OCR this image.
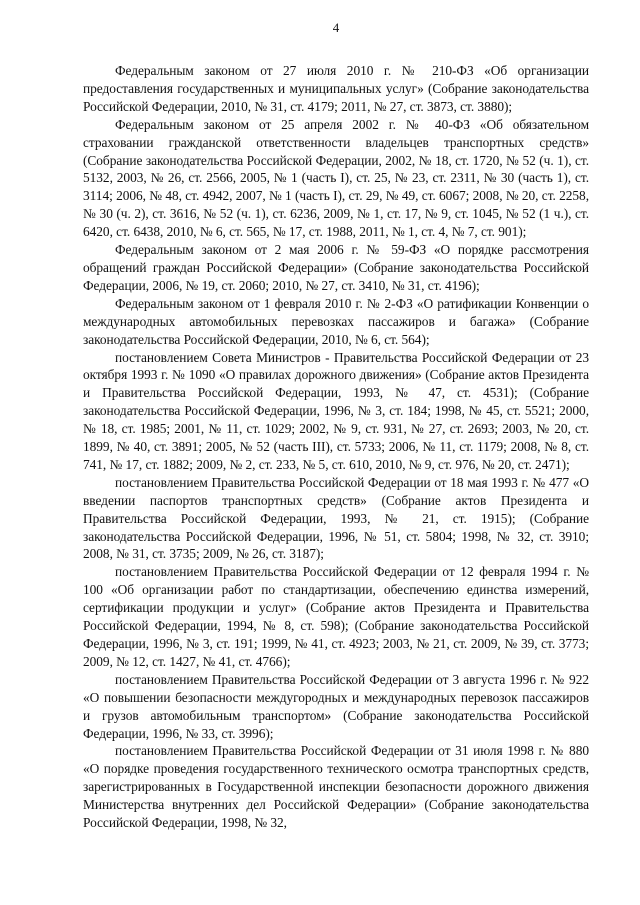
4

Федеральным законом от 27 июля 2010 г. № 210-ФЗ «Об организации предоставления государственных и муниципальных услуг» (Собрание законодательства Российской Федерации, 2010, № 31, ст. 4179; 2011, № 27, ст. 3873, ст. 3880);

Федеральным законом от 25 апреля 2002 г. № 40-ФЗ «Об обязательном страховании гражданской ответственности владельцев транспортных средств» (Собрание законодательства Российской Федерации, 2002, № 18, ст. 1720, № 52 (ч. 1), ст. 5132, 2003, № 26, ст. 2566, 2005, № 1 (часть I), ст. 25, № 23, ст. 2311, № 30 (часть 1), ст. 3114; 2006, № 48, ст. 4942, 2007, № 1 (часть I), ст. 29, № 49, ст. 6067; 2008, № 20, ст. 2258, № 30 (ч. 2), ст. 3616, № 52 (ч. 1), ст. 6236, 2009, № 1, ст. 17, № 9, ст. 1045, № 52 (1 ч.), ст. 6420, ст. 6438, 2010, № 6, ст. 565, № 17, ст. 1988, 2011, № 1, ст. 4, № 7, ст. 901);

Федеральным законом от 2 мая 2006 г. № 59-ФЗ «О порядке рассмотрения обращений граждан Российской Федерации» (Собрание законодательства Российской Федерации, 2006, № 19, ст. 2060; 2010, № 27, ст. 3410, № 31, ст. 4196);

Федеральным законом от 1 февраля 2010 г. № 2-ФЗ «О ратификации Конвенции о международных автомобильных перевозках пассажиров и багажа» (Собрание законодательства Российской Федерации, 2010, № 6, ст. 564);

постановлением Совета Министров - Правительства Российской Федерации от 23 октября 1993 г. № 1090 «О правилах дорожного движения» (Собрание актов Президента и Правительства Российской Федерации, 1993, № 47, ст. 4531); (Собрание законодательства Российской Федерации, 1996, № 3, ст. 184; 1998, № 45, ст. 5521; 2000, № 18, ст. 1985; 2001, № 11, ст. 1029; 2002, № 9, ст. 931, № 27, ст. 2693; 2003, № 20, ст. 1899, № 40, ст. 3891; 2005, № 52 (часть III), ст. 5733; 2006, № 11, ст. 1179; 2008, № 8, ст. 741, № 17, ст. 1882; 2009, № 2, ст. 233, № 5, ст. 610, 2010, № 9, ст. 976, № 20, ст. 2471);

постановлением Правительства Российской Федерации от 18 мая 1993 г. № 477 «О введении паспортов транспортных средств» (Собрание актов Президента и Правительства Российской Федерации, 1993, № 21, ст. 1915); (Собрание законодательства Российской Федерации, 1996, № 51, ст. 5804; 1998, № 32, ст. 3910; 2008, № 31, ст. 3735; 2009, № 26, ст. 3187);

постановлением Правительства Российской Федерации от 12 февраля 1994 г. № 100 «Об организации работ по стандартизации, обеспечению единства измерений, сертификации продукции и услуг» (Собрание актов Президента и Правительства Российской Федерации, 1994, № 8, ст. 598); (Собрание законодательства Российской Федерации, 1996, № 3, ст. 191; 1999, № 41, ст. 4923; 2003, № 21, ст. 2009, № 39, ст. 3773; 2009, № 12, ст. 1427, № 41, ст. 4766);

постановлением Правительства Российской Федерации от 3 августа 1996 г. № 922 «О повышении безопасности междугородных и международных перевозок пассажиров и грузов автомобильным транспортом» (Собрание законодательства Российской Федерации, 1996, № 33, ст. 3996);

постановлением Правительства Российской Федерации от 31 июля 1998 г. № 880 «О порядке проведения государственного технического осмотра транспортных средств, зарегистрированных в Государственной инспекции безопасности дорожного движения Министерства внутренних дел Российской Федерации» (Собрание законодательства Российской Федерации, 1998, № 32,
